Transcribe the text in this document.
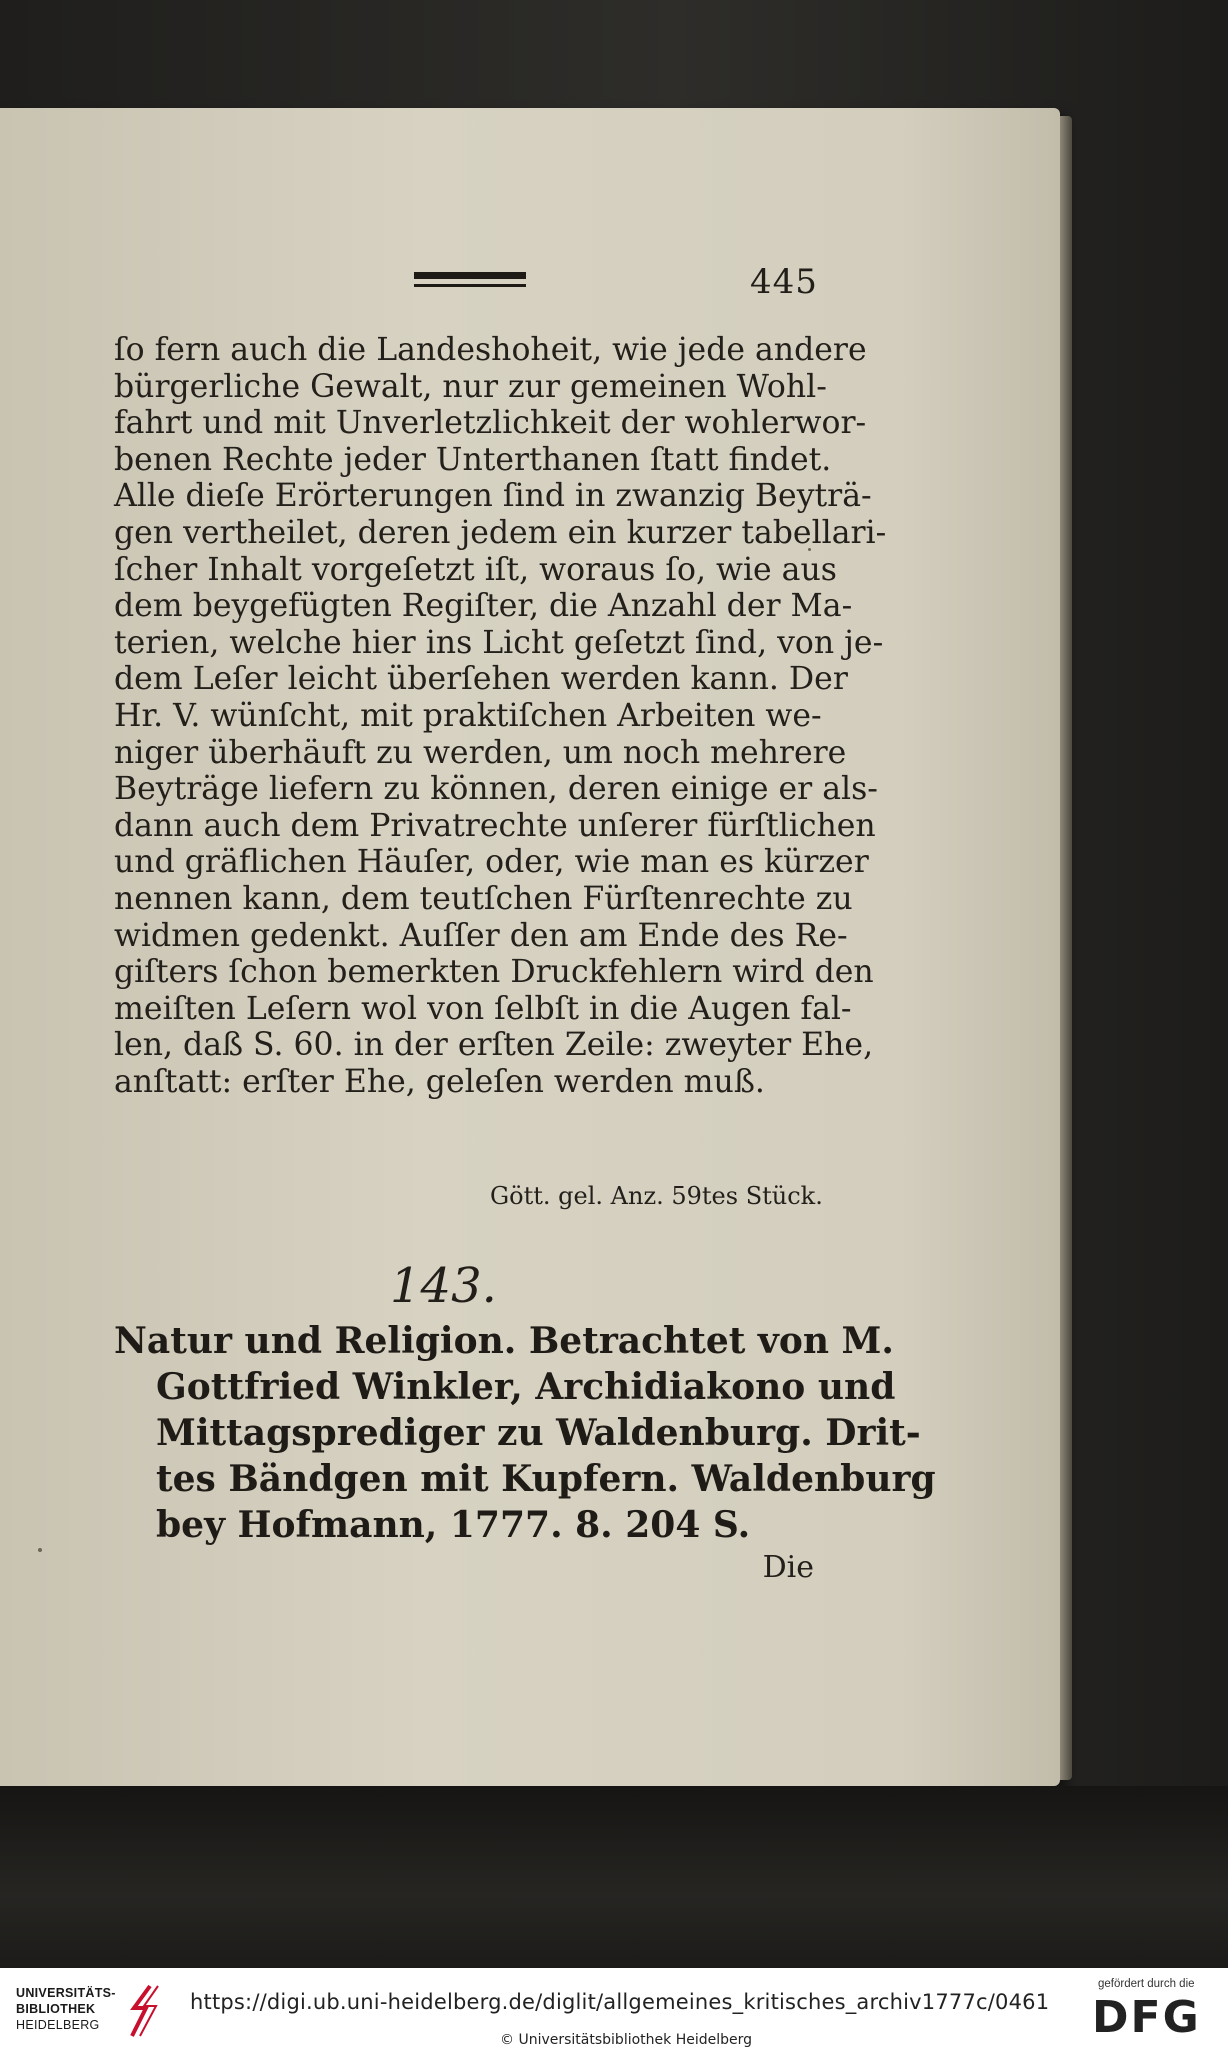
445
ſo fern auch die Landeshoheit, wie jede andere
bürgerliche Gewalt, nur zur gemeinen Wohl-
fahrt und mit Unverletzlichkeit der wohlerwor-
benen Rechte jeder Unterthanen ſtatt findet.
Alle dieſe Erörterungen ſind in zwanzig Beyträ-
gen vertheilet, deren jedem ein kurzer tabellari-
ſcher Inhalt vorgeſetzt iſt, woraus ſo, wie aus
dem beygefügten Regiſter, die Anzahl der Ma-
terien, welche hier ins Licht geſetzt ſind, von je-
dem Leſer leicht überſehen werden kann. Der
Hr. V. wünſcht, mit praktiſchen Arbeiten we-
niger überhäuft zu werden, um noch mehrere
Beyträge liefern zu können, deren einige er als-
dann auch dem Privatrechte unſerer fürſtlichen
und gräflichen Häuſer, oder, wie man es kürzer
nennen kann, dem teutſchen Fürſtenrechte zu
widmen gedenkt. Auſſer den am Ende des Re-
giſters ſchon bemerkten Druckfehlern wird den
meiſten Leſern wol von ſelbſt in die Augen fal-
len, daß S. 60. in der erſten Zeile: zweyter Ehe,
anſtatt: erſter Ehe, geleſen werden muß.
Gött. gel. Anz. 59tes Stück.
143.
Natur und Religion. Betrachtet von M.
Gottfried Winkler, Archidiakono und
Mittagsprediger zu Waldenburg. Drit-
tes Bändgen mit Kupfern. Waldenburg
bey Hofmann, 1777. 8. 204 S.
Die
UNIVERSITÄTS-
BIBLIOTHEK
HEIDELBERG
https://digi.ub.uni-heidelberg.de/diglit/allgemeines_kritisches_archiv1777c/0461
© Universitätsbibliothek Heidelberg
gefördert durch die
DFG
